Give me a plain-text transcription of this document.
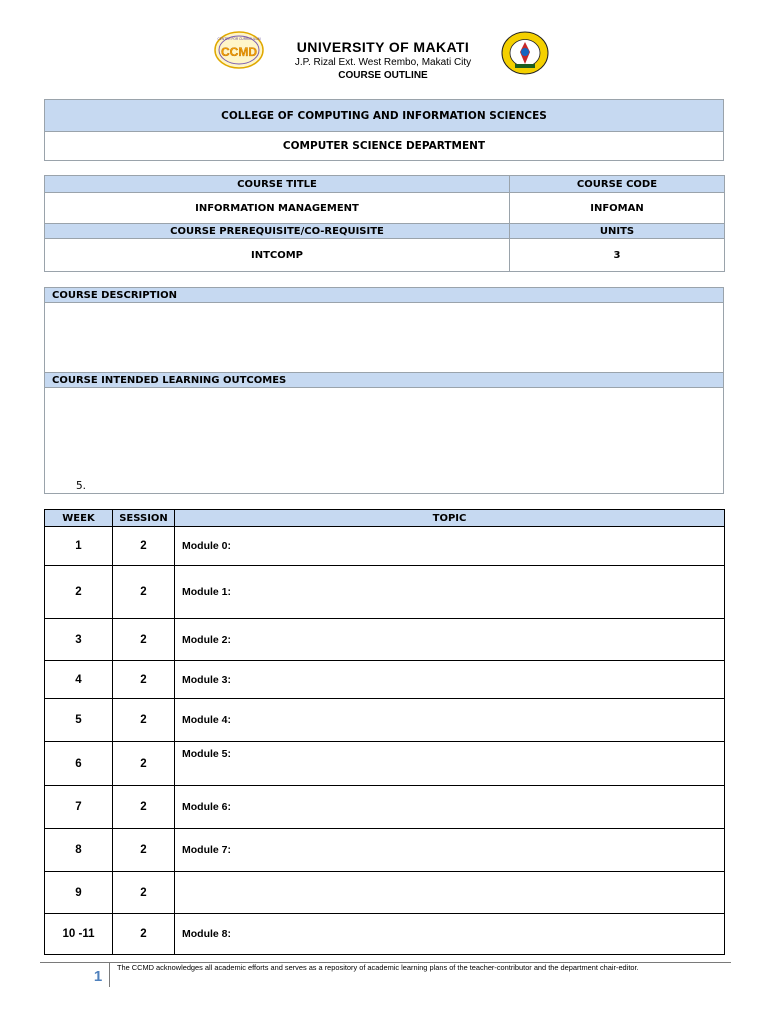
CCMD
CENTER FOR CURRICULUM	UNIVERSITY OF MAKATI
J.P. Rizal Ext. West Rembo, Makati City
COURSE OUTLINE
COLLEGE OF COMPUTING AND INFORMATION SCIENCES
COMPUTER SCIENCE DEPARTMENT
COURSE TITLE	COURSE CODE
INFORMATION MANAGEMENT	INFOMAN
COURSE PREREQUISITE/CO-REQUISITE	UNITS
INTCOMP	3
COURSE DESCRIPTION

COURSE INTENDED LEARNING OUTCOMES

5.
WEEK	SESSION	TOPIC
1	2	Module 0:
2	2	Module 1:
3	2	Module 2:
4	2	Module 3:
5	2	Module 4:
6	2	Module 5:
7	2	Module 6:
8	2	Module 7:
9	2	
10 -11	2	Module 8:
1
The CCMD acknowledges all academic efforts and serves as a repository of academic learning plans of the teacher-contributor and the department chair-editor.
